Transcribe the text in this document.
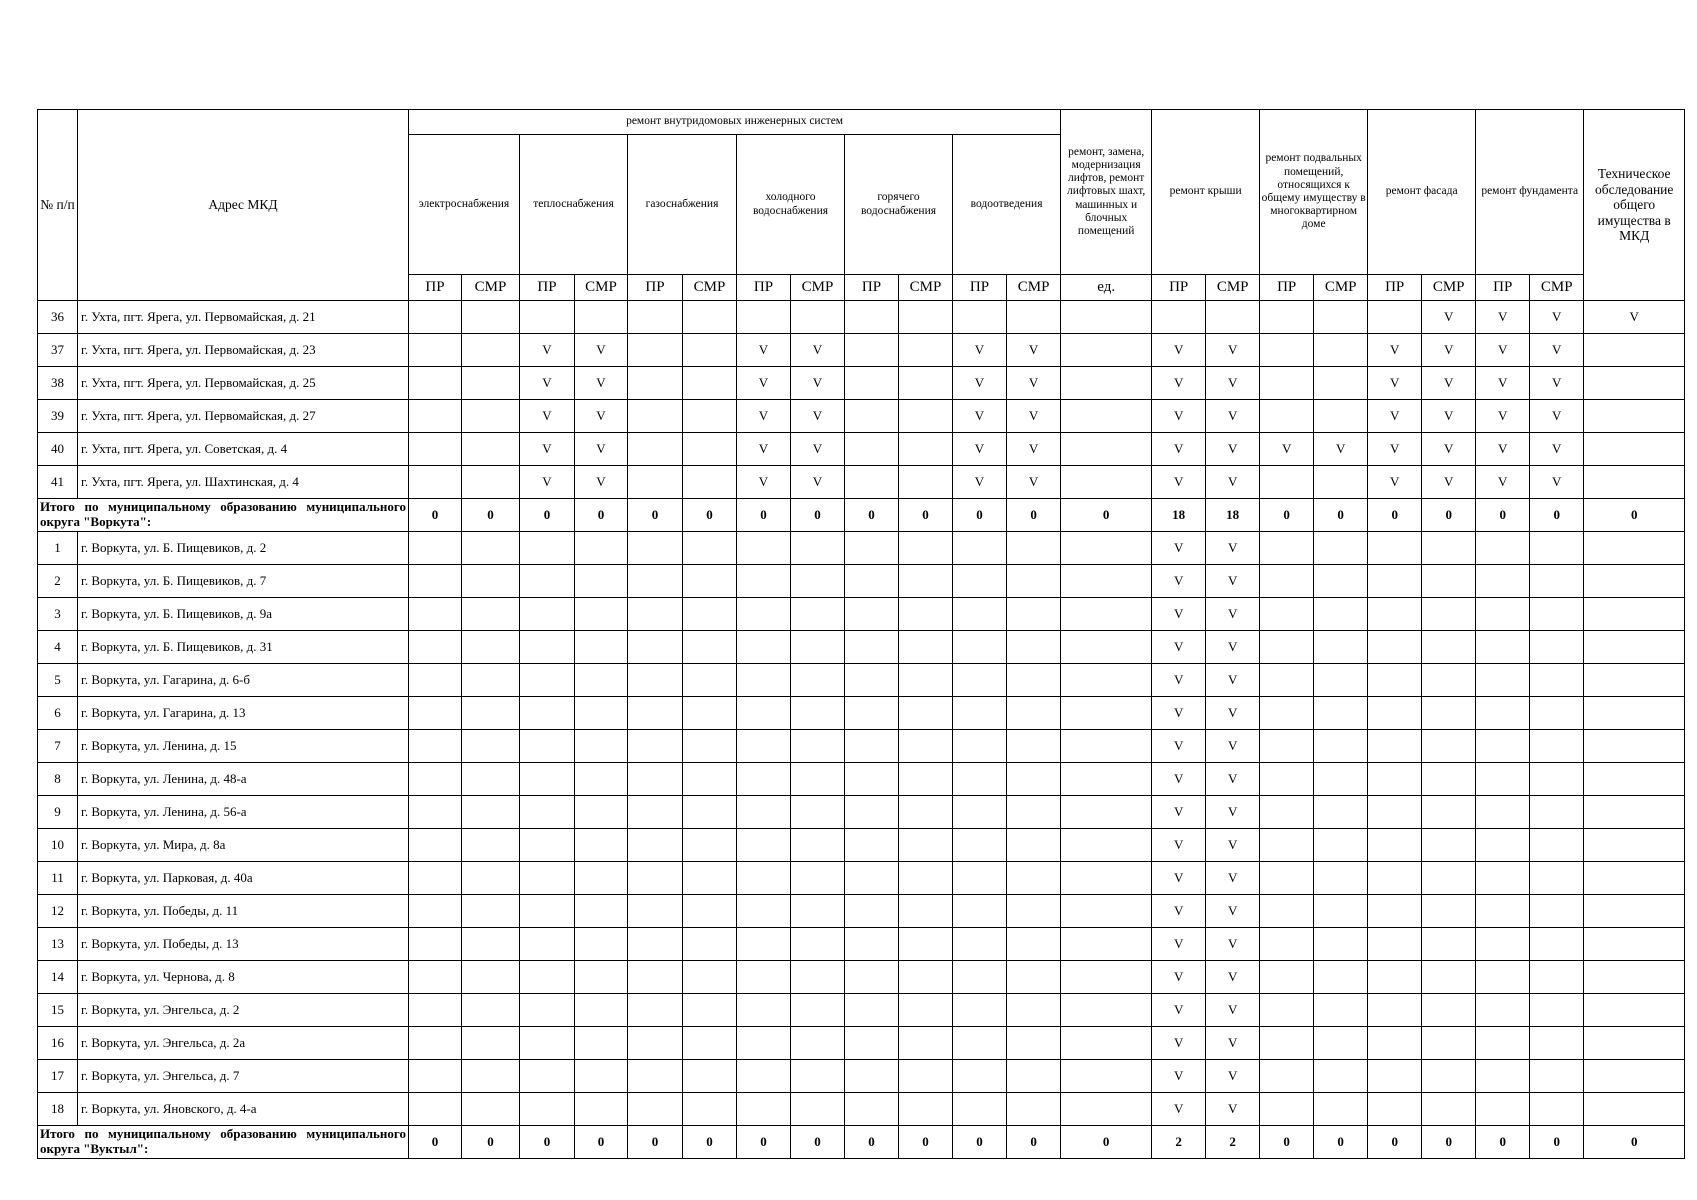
№ п/п	Адрес МКД	ремонт внутридомовых инженерных систем												ремонт, замена, модернизация лифтов, ремонт лифтовых шахт, машинных и блочных помещений	ремонт крыши		ремонт подвальных помещений, относящихся к общему имуществу в многоквартирном доме		ремонт фасада		ремонт фундамента		Техническое обследование общего имущества в МКД	
		электроснабжения		теплоснабжения		газоснабжения		холодного водоснабжения		горячего водоснабжения		водоотведения												
		ПР	СМР	ПР	СМР	ПР	СМР	ПР	СМР	ПР	СМР	ПР	СМР	ед.	ПР	СМР	ПР	СМР	ПР	СМР	ПР	СМР		
36	г. Ухта, пгт. Ярега, ул. Первомайская, д. 21																			V	V	V	V	
37	г. Ухта, пгт. Ярега, ул. Первомайская, д. 23			V	V			V	V			V	V		V	V			V	V	V	V		
38	г. Ухта, пгт. Ярега, ул. Первомайская, д. 25			V	V			V	V			V	V		V	V			V	V	V	V		
39	г. Ухта, пгт. Ярега, ул. Первомайская, д. 27			V	V			V	V			V	V		V	V			V	V	V	V		
40	г. Ухта, пгт. Ярега, ул. Советская, д. 4			V	V			V	V			V	V		V	V	V	V	V	V	V	V		
41	г. Ухта, пгт. Ярега, ул. Шахтинская, д. 4			V	V			V	V			V	V		V	V			V	V	V	V		
Итого по муниципальному образованию муниципального округа "Воркута":		0	0	0	0	0	0	0	0	0	0	0	0	0	18	18	0	0	0	0	0	0	0	
1	г. Воркута, ул. Б. Пищевиков, д. 2														V	V								
2	г. Воркута, ул. Б. Пищевиков, д. 7														V	V								
3	г. Воркута, ул. Б. Пищевиков, д. 9а														V	V								
4	г. Воркута, ул. Б. Пищевиков, д. 31														V	V								
5	г. Воркута, ул. Гагарина, д. 6-б														V	V								
6	г. Воркута, ул. Гагарина, д. 13														V	V								
7	г. Воркута, ул. Ленина, д. 15														V	V								
8	г. Воркута, ул. Ленина, д. 48-а														V	V								
9	г. Воркута, ул. Ленина, д. 56-а														V	V								
10	г. Воркута, ул. Мира, д. 8а														V	V								
11	г. Воркута, ул. Парковая, д. 40а														V	V								
12	г. Воркута, ул. Победы, д. 11														V	V								
13	г. Воркута, ул. Победы, д. 13														V	V								
14	г. Воркута, ул. Чернова, д. 8														V	V								
15	г. Воркута, ул. Энгельса, д. 2														V	V								
16	г. Воркута, ул. Энгельса, д. 2а														V	V								
17	г. Воркута, ул. Энгельса, д. 7														V	V								
18	г. Воркута, ул. Яновского, д. 4-а														V	V								
Итого по муниципальному образованию муниципального округа "Вуктыл":		0	0	0	0	0	0	0	0	0	0	0	0	0	2	2	0	0	0	0	0	0	0	
